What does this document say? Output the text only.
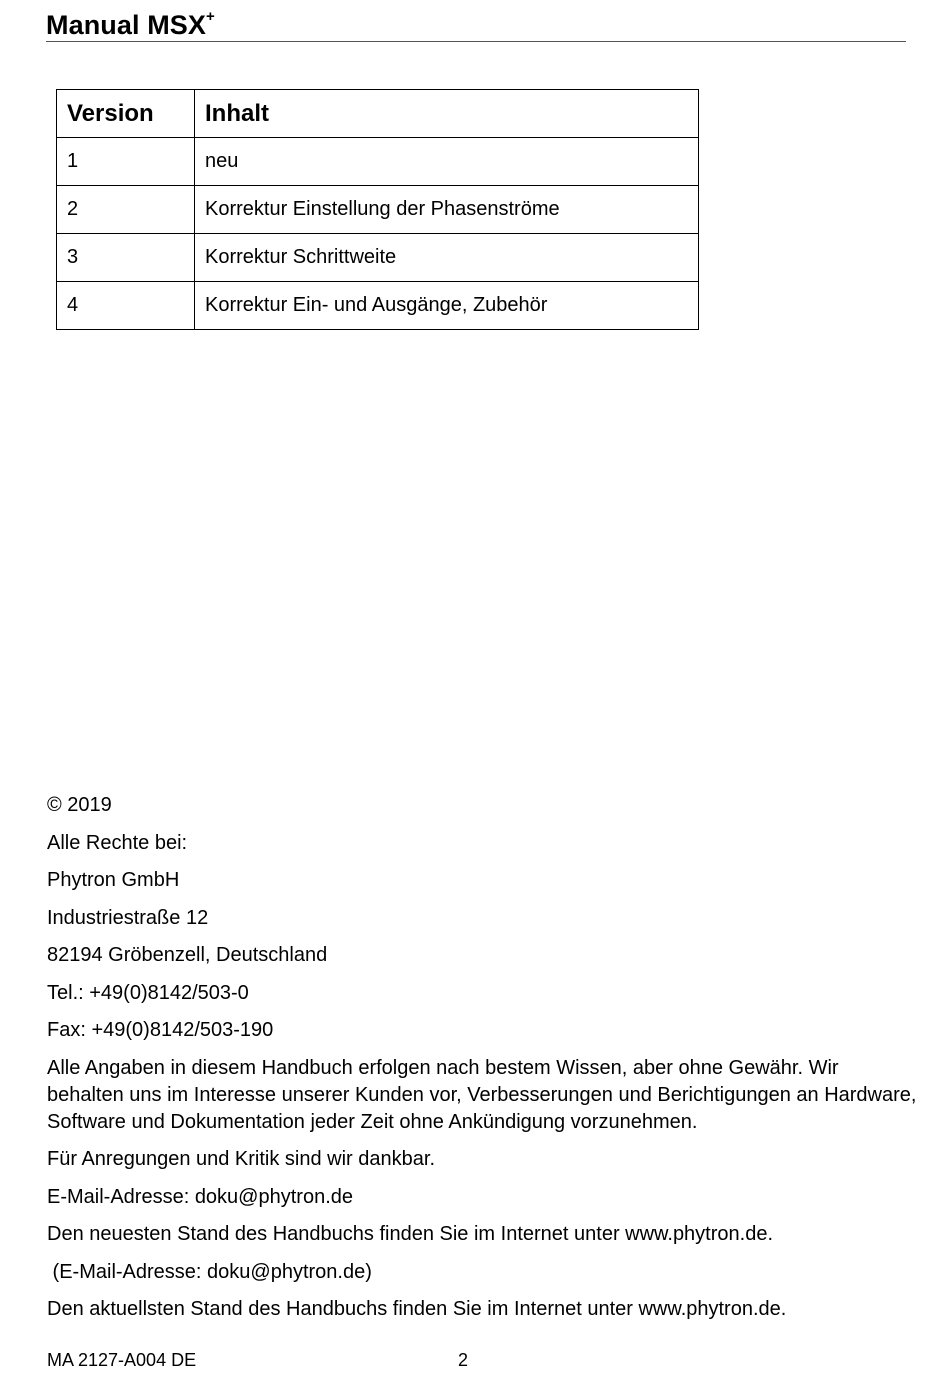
Manual MSX+
Version	Inhalt
1	neu
2	Korrektur Einstellung der Phasenströme
3	Korrektur Schrittweite
4	Korrektur Ein- und Ausgänge, Zubehör

© 2019

Alle Rechte bei:

Phytron GmbH

Industriestraße 12

82194 Gröbenzell, Deutschland

Tel.: +49(0)8142/503-0

Fax: +49(0)8142/503-190

Alle Angaben in diesem Handbuch erfolgen nach bestem Wissen, aber ohne Gewähr. Wir behalten uns im Interesse unserer Kunden vor, Verbesserungen und Berichtigungen an Hardware, Software und Dokumentation jeder Zeit ohne Ankündigung vorzunehmen.

Für Anregungen und Kritik sind wir dankbar.

E-Mail-Adresse: doku@phytron.de

Den neuesten Stand des Handbuchs finden Sie im Internet unter www.phytron.de.

(E-Mail-Adresse: doku@phytron.de)

Den aktuellsten Stand des Handbuchs finden Sie im Internet unter www.phytron.de.

MA 2127-A004 DE	2
